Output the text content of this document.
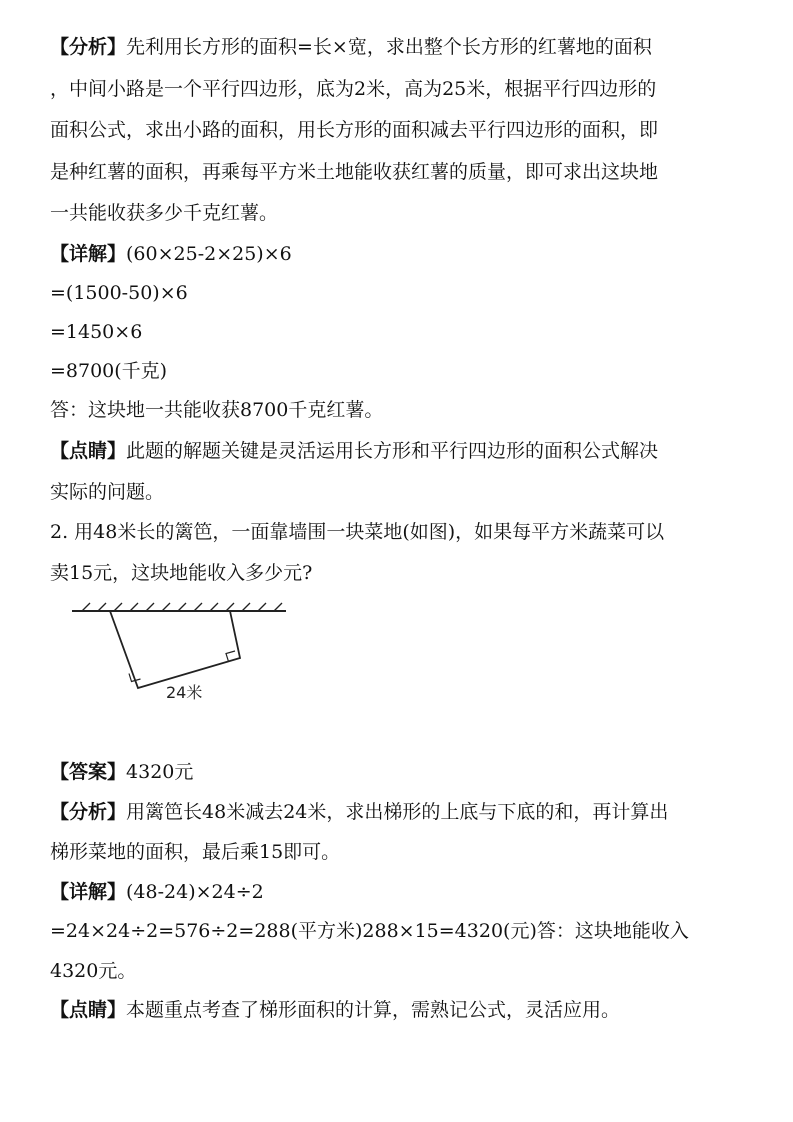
【分析】先利用长方形的面积=长×宽，求出整个长方形的红薯地的面积
，中间小路是一个平行四边形，底为2米，高为25米，根据平行四边形的
面积公式，求出小路的面积，用长方形的面积减去平行四边形的面积，即
是种红薯的面积，再乘每平方米土地能收获红薯的质量，即可求出这块地
一共能收获多少千克红薯。
【详解】(60×25-2×25)×6
=(1500-50)×6
=1450×6
=8700(千克)
答：这块地一共能收获8700千克红薯。
【点睛】此题的解题关键是灵活运用长方形和平行四边形的面积公式解决
实际的问题。
2. 用48米长的篱笆，一面靠墙围一块菜地(如图)，如果每平方米蔬菜可以
卖15元，这块地能收入多少元?
24米
【答案】4320元
【分析】用篱笆长48米减去24米，求出梯形的上底与下底的和，再计算出
梯形菜地的面积，最后乘15即可。
【详解】(48-24)×24÷2
=24×24÷2=576÷2=288(平方米)288×15=4320(元)答：这块地能收入
4320元。
【点睛】本题重点考查了梯形面积的计算，需熟记公式，灵活应用。
